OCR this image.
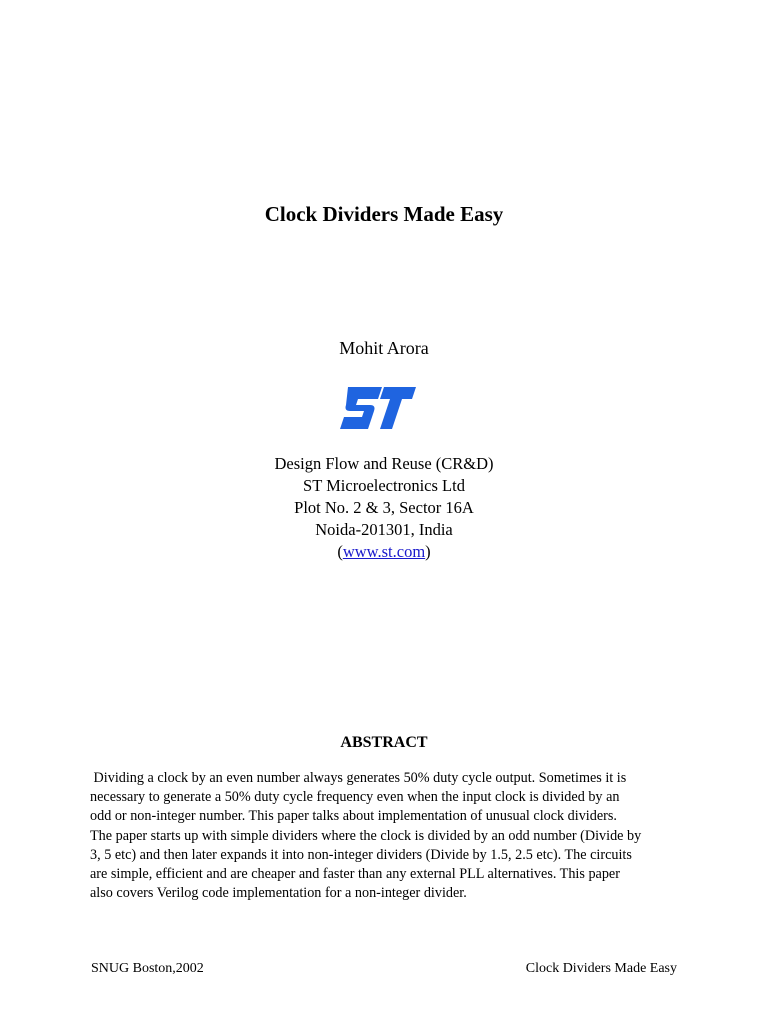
Clock Dividers Made Easy
Mohit Arora
Design Flow and Reuse (CR&D)
ST Microelectronics Ltd
Plot No. 2 & 3, Sector 16A
Noida-201301, India
(www.st.com)
ABSTRACT
Dividing a clock by an even number always generates 50% duty cycle output. Sometimes it is
necessary to generate a 50% duty cycle frequency even when the input clock is divided by an
odd or non-integer number. This paper talks about implementation of unusual clock dividers.
The paper starts up with simple dividers where the clock is divided by an odd number (Divide by
3, 5 etc) and then later expands it into non-integer dividers (Divide by 1.5, 2.5 etc). The circuits
are simple, efficient and are cheaper and faster than any external PLL alternatives. This paper
also covers Verilog code implementation for a non-integer divider.
SNUG Boston,2002	Clock Dividers Made Easy
